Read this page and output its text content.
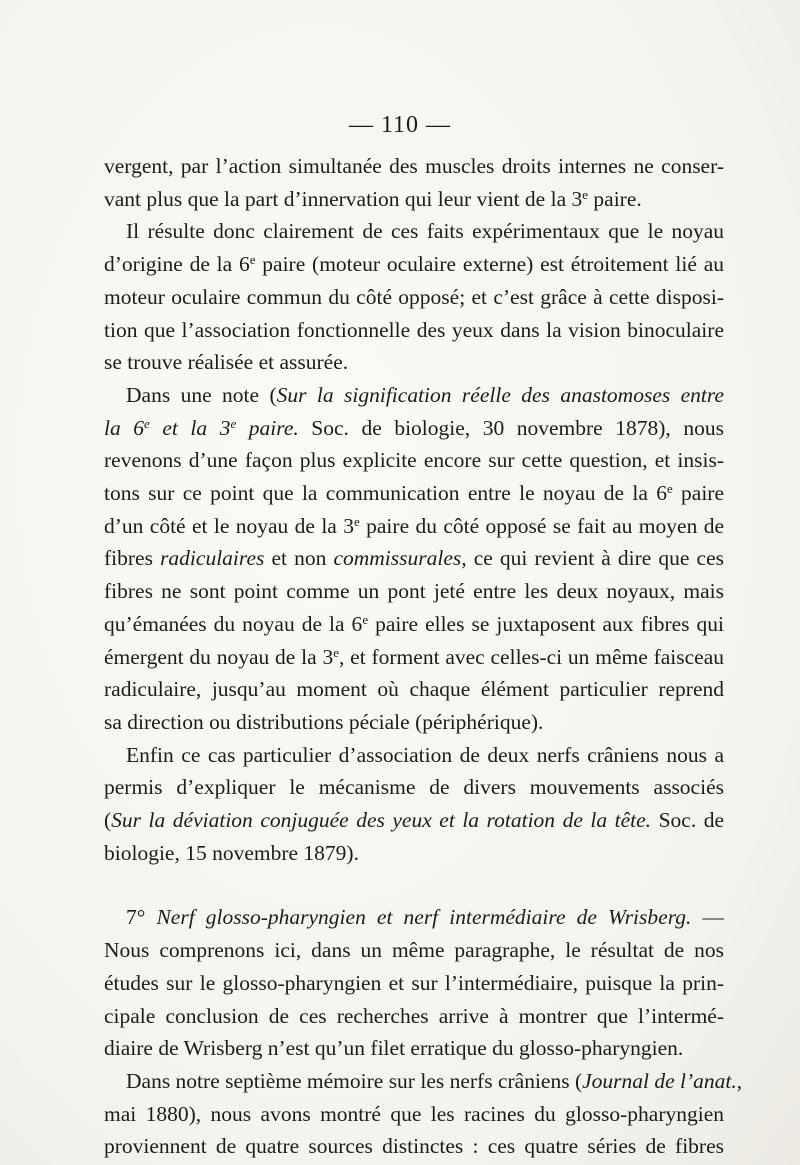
— 110 —
vergent, par l’action simultanée des muscles droits internes ne conser-
vant plus que la part d’innervation qui leur vient de la 3e paire.
Il résulte donc clairement de ces faits expérimentaux que le noyau
d’origine de la 6e paire (moteur oculaire externe) est étroitement lié au
moteur oculaire commun du côté opposé; et c’est grâce à cette disposi-
tion que l’association fonctionnelle des yeux dans la vision binoculaire
se trouve réalisée et assurée.
Dans une note (Sur la signification réelle des anastomoses entre
la 6e et la 3e paire. Soc. de biologie, 30 novembre 1878), nous
revenons d’une façon plus explicite encore sur cette question, et insis-
tons sur ce point que la communication entre le noyau de la 6e paire
d’un côté et le noyau de la 3e paire du côté opposé se fait au moyen de
fibres radiculaires et non commissurales, ce qui revient à dire que ces
fibres ne sont point comme un pont jeté entre les deux noyaux, mais
qu’émanées du noyau de la 6e paire elles se juxtaposent aux fibres qui
émergent du noyau de la 3e, et forment avec celles-ci un même faisceau
radiculaire, jusqu’au moment où chaque élément particulier reprend
sa direction ou distributions péciale (périphérique).
Enfin ce cas particulier d’association de deux nerfs crâniens nous a
permis d’expliquer le mécanisme de divers mouvements associés
(Sur la déviation conjuguée des yeux et la rotation de la tête. Soc. de
biologie, 15 novembre 1879).
7° Nerf glosso-pharyngien et nerf intermédiaire de Wrisberg. —
Nous comprenons ici, dans un même paragraphe, le résultat de nos
études sur le glosso-pharyngien et sur l’intermédiaire, puisque la prin-
cipale conclusion de ces recherches arrive à montrer que l’intermé-
diaire de Wrisberg n’est qu’un filet erratique du glosso-pharyngien.
Dans notre septième mémoire sur les nerfs crâniens (Journal de l’anat.,
mai 1880), nous avons montré que les racines du glosso-pharyngien
proviennent de quatre sources distinctes : ces quatre séries de fibres
